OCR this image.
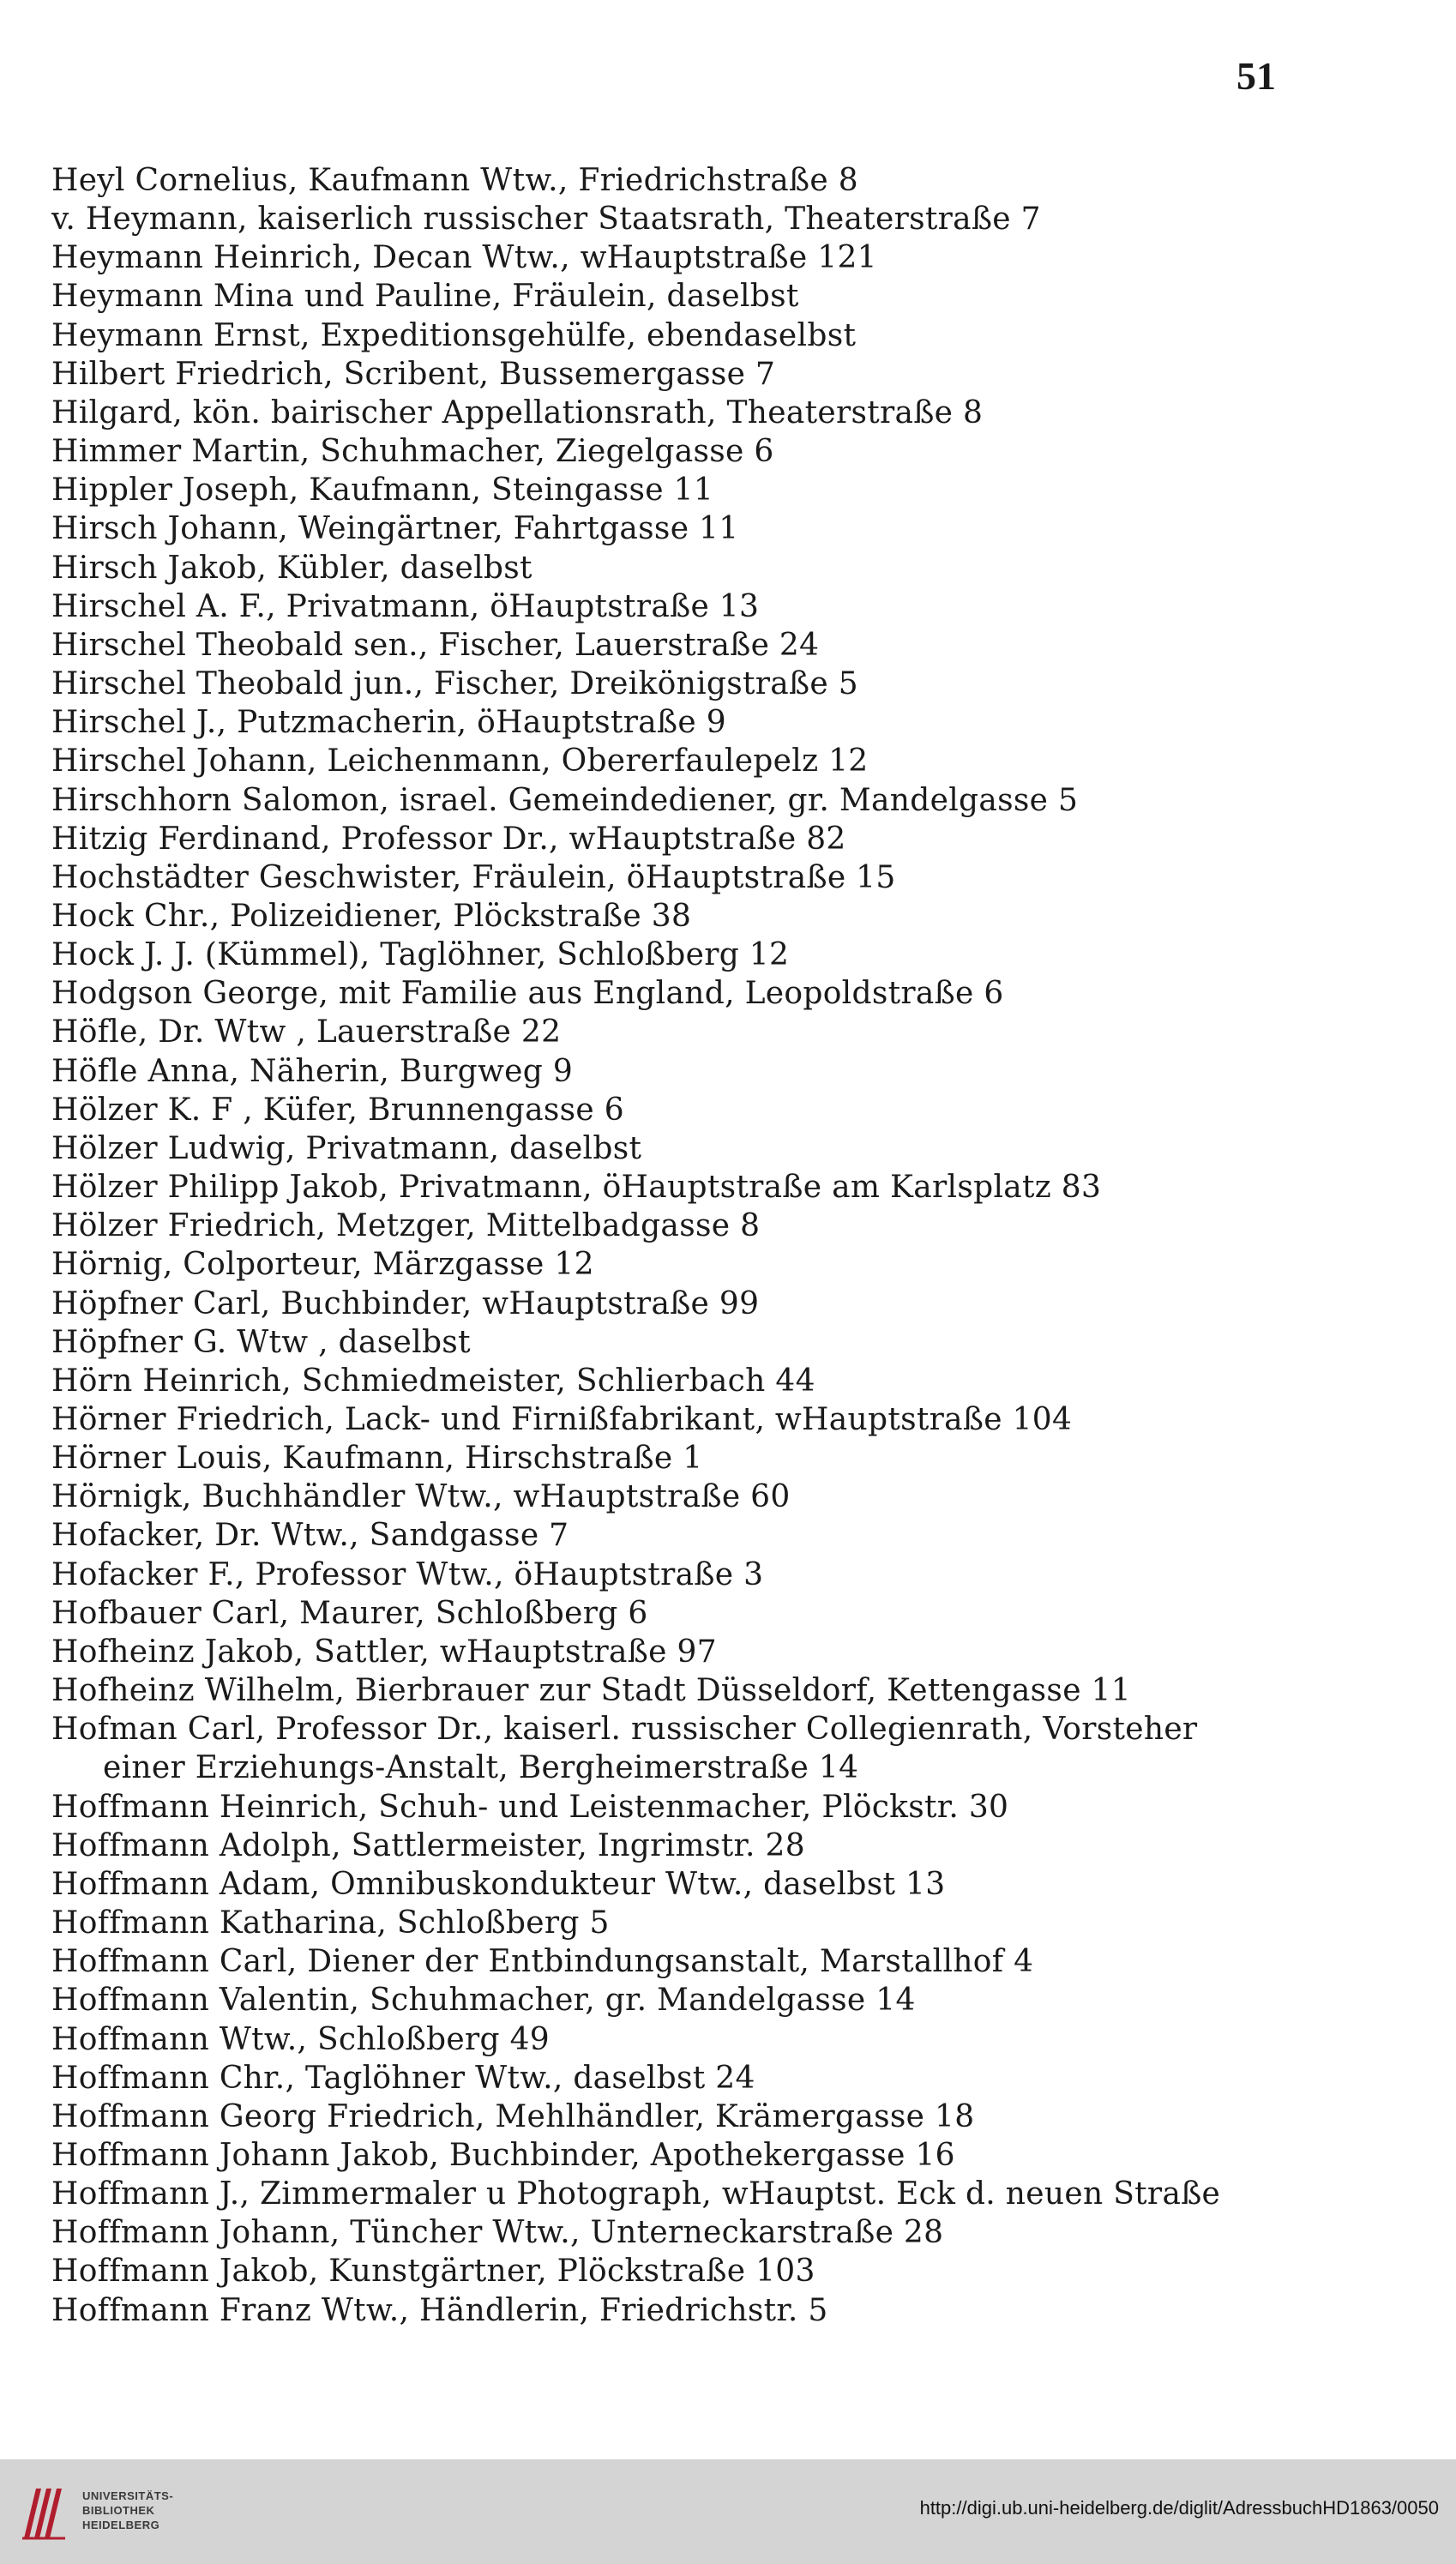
51
Heyl Cornelius, Kaufmann Wtw., Friedrichstraße 8
v. Heymann, kaiserlich russischer Staatsrath, Theaterstraße 7
Heymann Heinrich, Decan Wtw., wHauptstraße 121
Heymann Mina und Pauline, Fräulein, daselbst
Heymann Ernst, Expeditionsgehülfe, ebendaselbst
Hilbert Friedrich, Scribent, Bussemergasse 7
Hilgard, kön. bairischer Appellationsrath, Theaterstraße 8
Himmer Martin, Schuhmacher, Ziegelgasse 6
Hippler Joseph, Kaufmann, Steingasse 11
Hirsch Johann, Weingärtner, Fahrtgasse 11
Hirsch Jakob, Kübler, daselbst
Hirschel A. F., Privatmann, öHauptstraße 13
Hirschel Theobald sen., Fischer, Lauerstraße 24
Hirschel Theobald jun., Fischer, Dreikönigstraße 5
Hirschel J., Putzmacherin, öHauptstraße 9
Hirschel Johann, Leichenmann, Obererfaulepelz 12
Hirschhorn Salomon, israel. Gemeindediener, gr. Mandelgasse 5
Hitzig Ferdinand, Professor Dr., wHauptstraße 82
Hochstädter Geschwister, Fräulein, öHauptstraße 15
Hock Chr., Polizeidiener, Plöckstraße 38
Hock J. J. (Kümmel), Taglöhner, Schloßberg 12
Hodgson George, mit Familie aus England, Leopoldstraße 6
Höfle, Dr. Wtw , Lauerstraße 22
Höfle Anna, Näherin, Burgweg 9
Hölzer K. F , Küfer, Brunnengasse 6
Hölzer Ludwig, Privatmann, daselbst
Hölzer Philipp Jakob, Privatmann, öHauptstraße am Karlsplatz 83
Hölzer Friedrich, Metzger, Mittelbadgasse 8
Hörnig, Colporteur, Märzgasse 12
Höpfner Carl, Buchbinder, wHauptstraße 99
Höpfner G. Wtw , daselbst
Hörn Heinrich, Schmiedmeister, Schlierbach 44
Hörner Friedrich, Lack- und Firnißfabrikant, wHauptstraße 104
Hörner Louis, Kaufmann, Hirschstraße 1
Hörnigk, Buchhändler Wtw., wHauptstraße 60
Hofacker, Dr. Wtw., Sandgasse 7
Hofacker F., Professor Wtw., öHauptstraße 3
Hofbauer Carl, Maurer, Schloßberg 6
Hofheinz Jakob, Sattler, wHauptstraße 97
Hofheinz Wilhelm, Bierbrauer zur Stadt Düsseldorf, Kettengasse 11
Hofman Carl, Professor Dr., kaiserl. russischer Collegienrath, Vorsteher
einer Erziehungs-Anstalt, Bergheimerstraße 14
Hoffmann Heinrich, Schuh- und Leistenmacher, Plöckstr. 30
Hoffmann Adolph, Sattlermeister, Ingrimstr. 28
Hoffmann Adam, Omnibuskondukteur Wtw., daselbst 13
Hoffmann Katharina, Schloßberg 5
Hoffmann Carl, Diener der Entbindungsanstalt, Marstallhof 4
Hoffmann Valentin, Schuhmacher, gr. Mandelgasse 14
Hoffmann Wtw., Schloßberg 49
Hoffmann Chr., Taglöhner Wtw., daselbst 24
Hoffmann Georg Friedrich, Mehlhändler, Krämergasse 18
Hoffmann Johann Jakob, Buchbinder, Apothekergasse 16
Hoffmann J., Zimmermaler u Photograph, wHauptst. Eck d. neuen Straße
Hoffmann Johann, Tüncher Wtw., Unterneckarstraße 28
Hoffmann Jakob, Kunstgärtner, Plöckstraße 103
Hoffmann Franz Wtw., Händlerin, Friedrichstr. 5
UNIVERSITÄTS-
BIBLIOTHEK
HEIDELBERG
http://digi.ub.uni-heidelberg.de/diglit/AdressbuchHD1863/0050
